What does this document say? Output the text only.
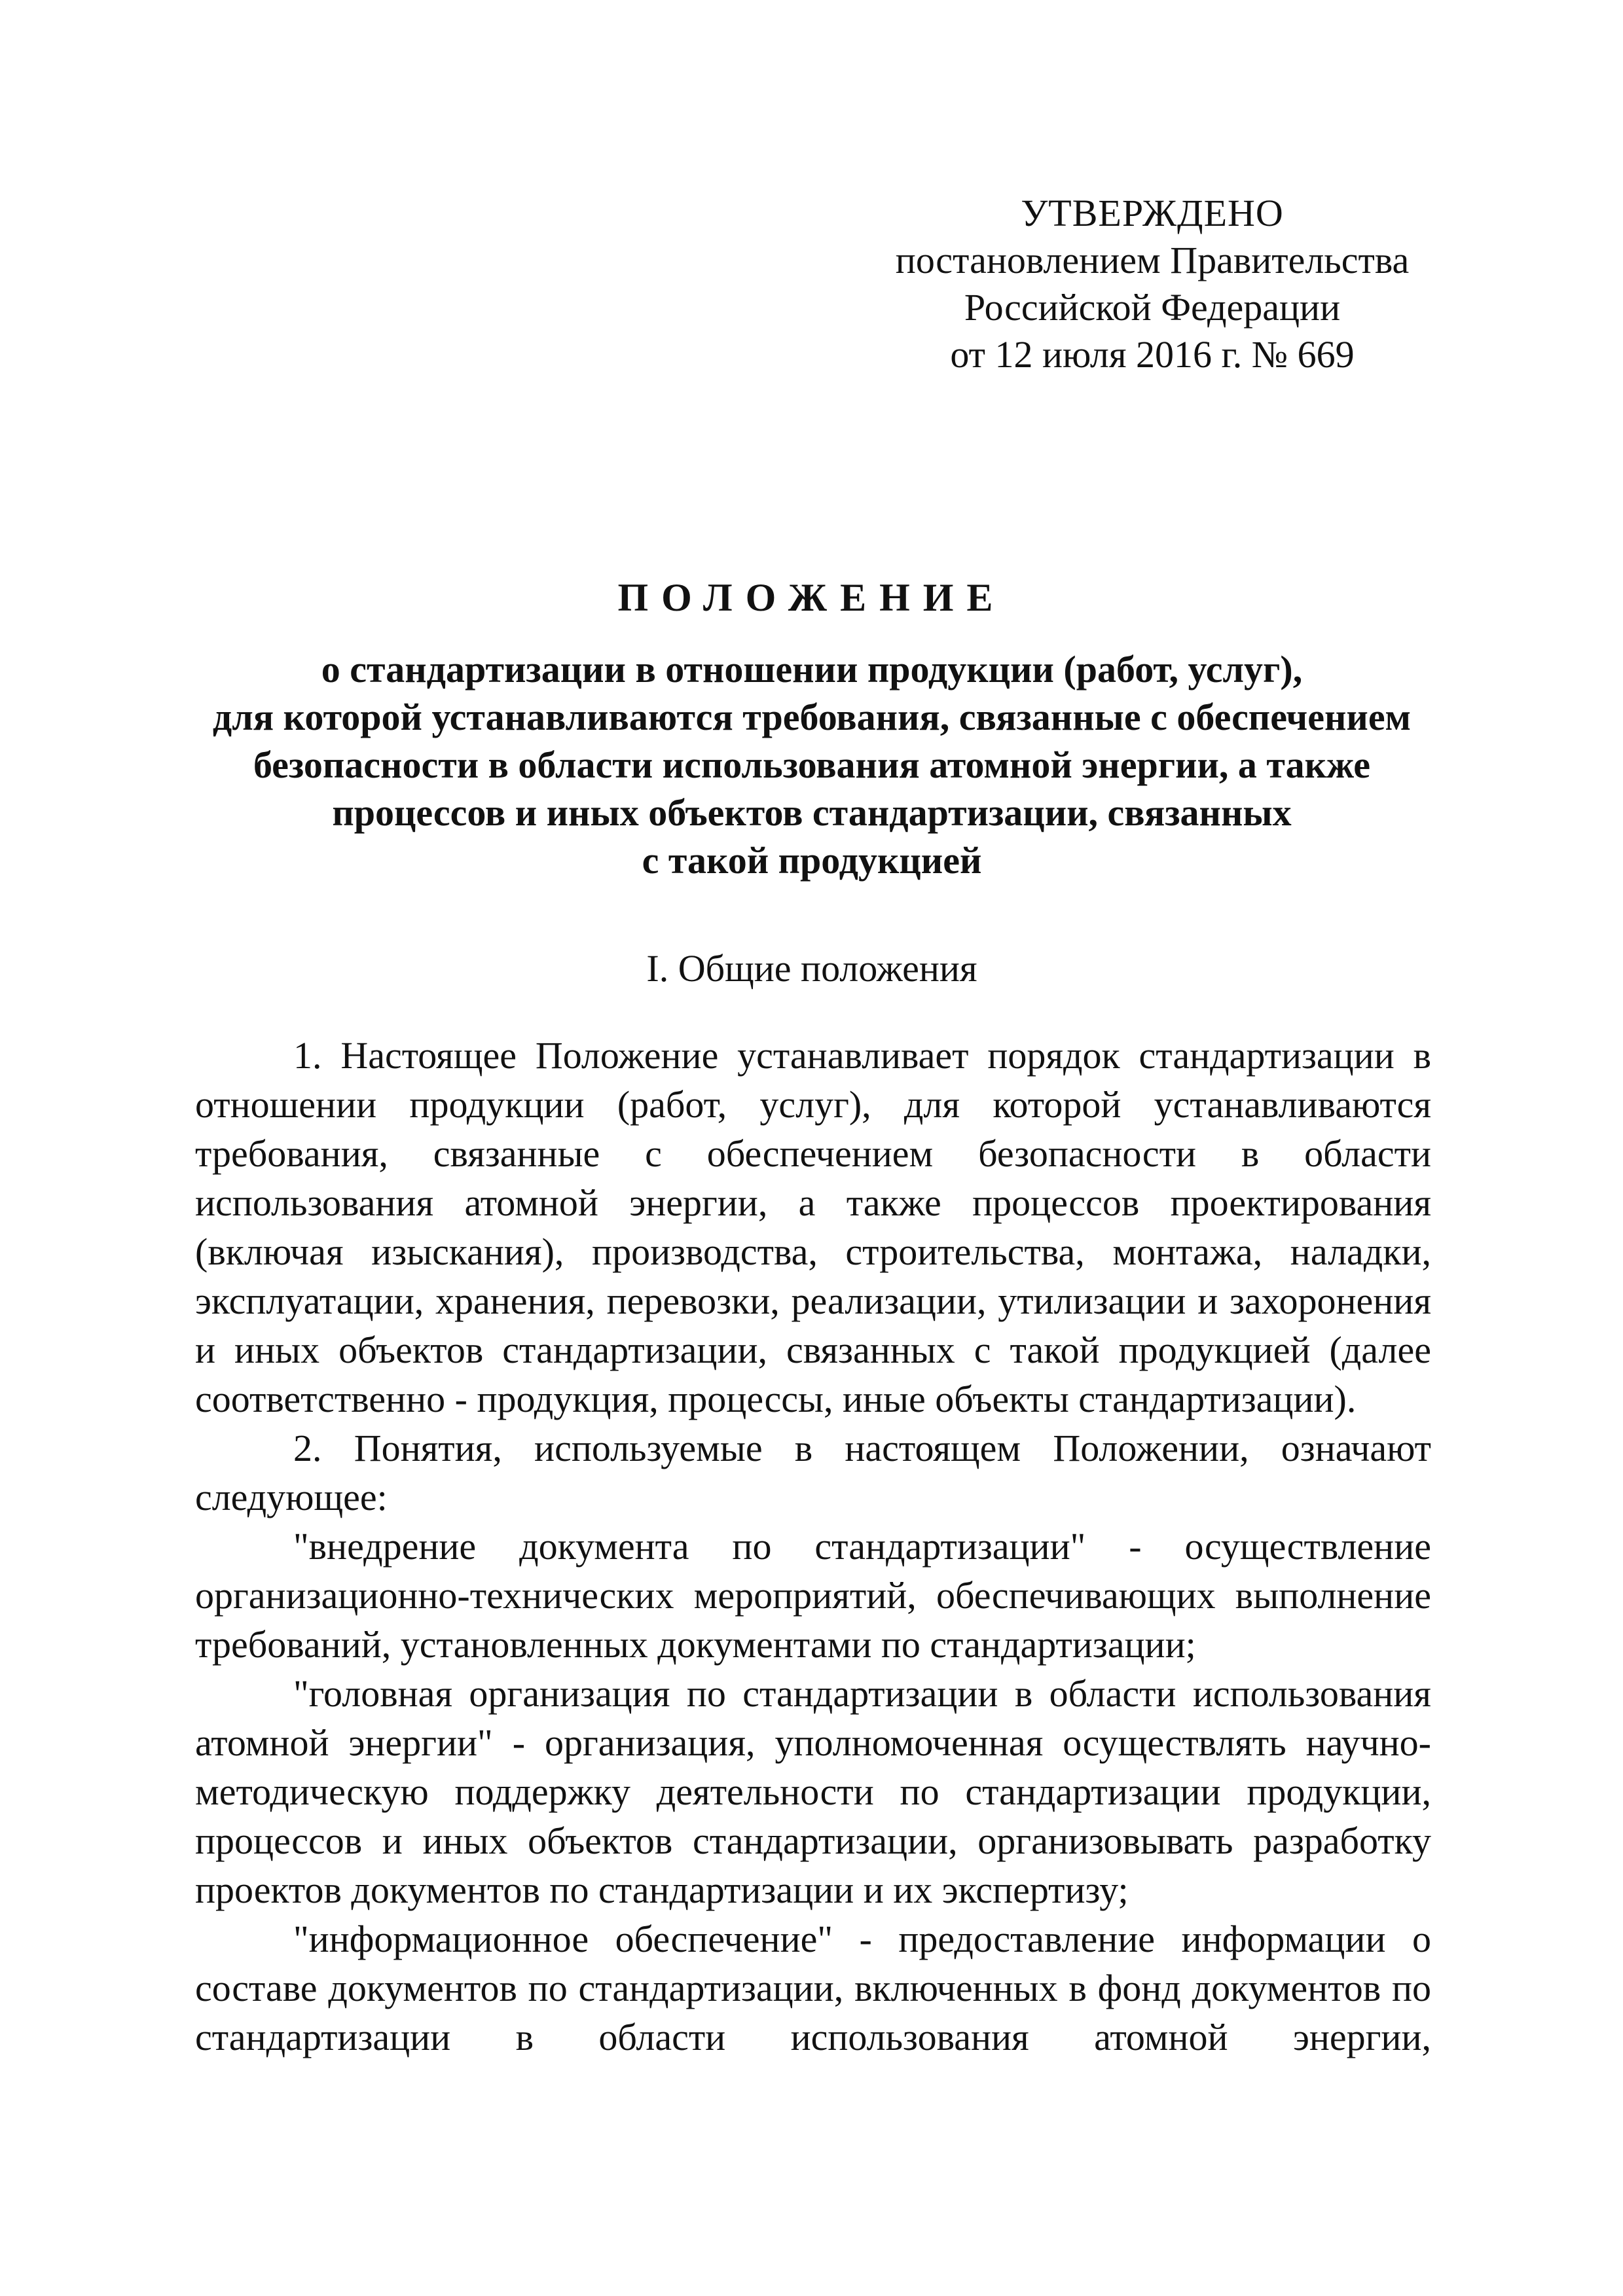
УТВЕРЖДЕНО
постановлением Правительства
Российской Федерации
от 12 июля 2016 г. № 669
ПОЛОЖЕНИЕ
о стандартизации в отношении продукции (работ, услуг),
для которой устанавливаются требования, связанные с обеспечением
безопасности в области использования атомной энергии, а также
процессов и иных объектов стандартизации, связанных
с такой продукцией
I. Общие положения

1. Настоящее Положение устанавливает порядок стандартизации в отношении продукции (работ, услуг), для которой устанавливаются требования, связанные с обеспечением безопасности в области использования атомной энергии, а также процессов проектирования (включая изыскания), производства, строительства, монтажа, наладки, эксплуатации, хранения, перевозки, реализации, утилизации и захоронения и иных объектов стандартизации, связанных с такой продукцией (далее соответственно - продукция, процессы, иные объекты стандартизации).

2. Понятия, используемые в настоящем Положении, означают следующее:

"внедрение документа по стандартизации" - осуществление организационно-технических мероприятий, обеспечивающих выполнение требований, установленных документами по стандартизации;

"головная организация по стандартизации в области использования атомной энергии" - организация, уполномоченная осуществлять научно-методическую поддержку деятельности по стандартизации продукции, процессов и иных объектов стандартизации, организовывать разработку проектов документов по стандартизации и их экспертизу;

"информационное обеспечение" - предоставление информации о составе документов по стандартизации, включенных в фонд документов по стандартизации в области использования атомной энергии,
